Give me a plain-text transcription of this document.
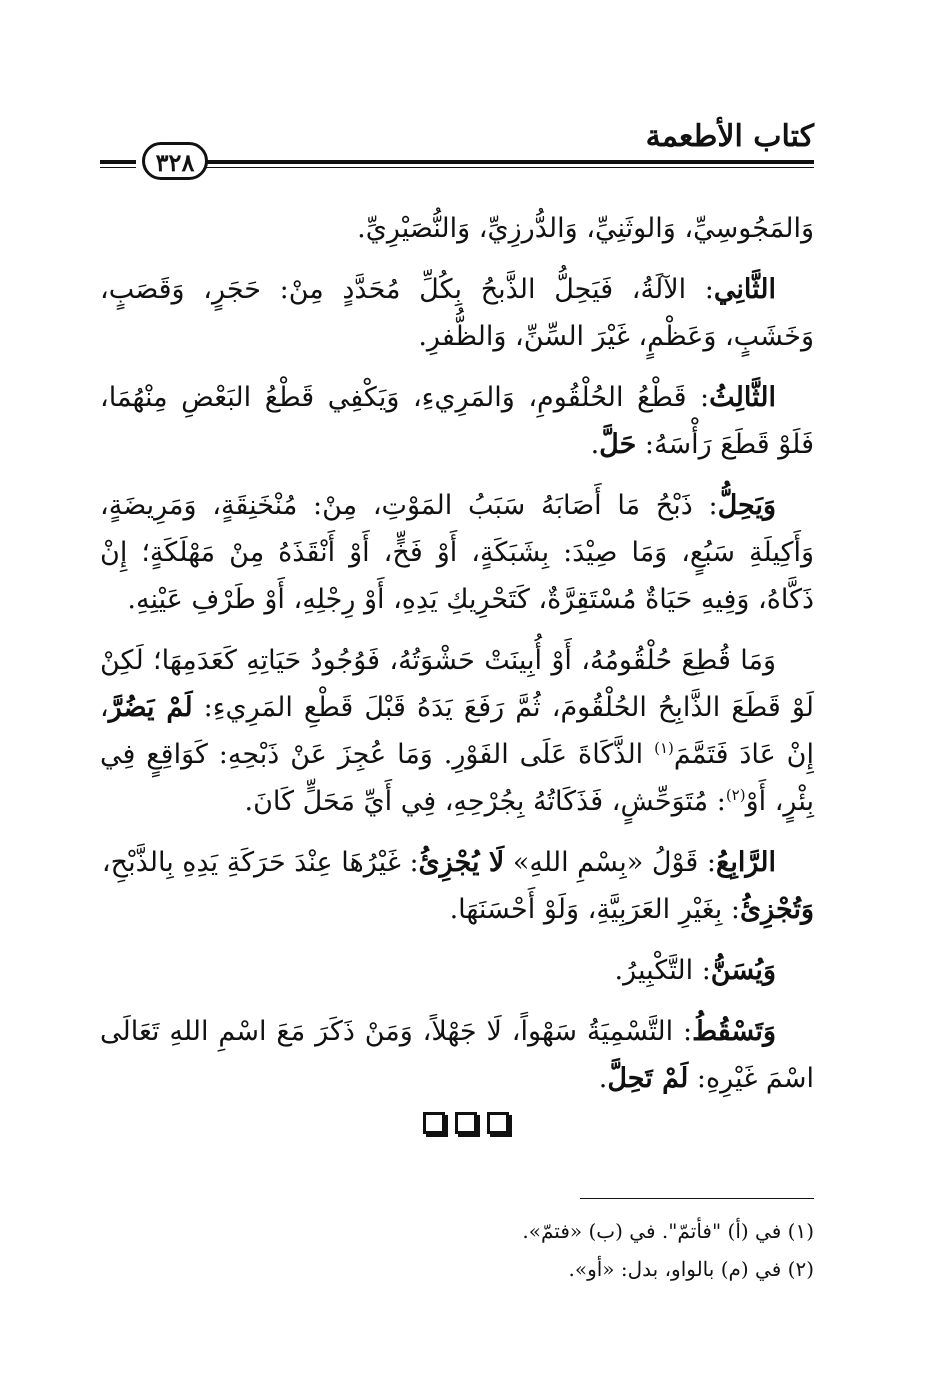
كتاب الأطعمة
٣٢٨

وَالمَجُوسِيِّ، وَالوثَنِيِّ، وَالدُّرزِيِّ، وَالنُّصَيْرِيِّ.

الثَّانِي: الآلَةُ، فَيَحِلُّ الذَّبحُ بِكُلِّ مُحَدَّدٍ مِنْ: حَجَرٍ، وَقَصَبٍ، وَخَشَبٍ، وَعَظْمٍ، غَيْرَ السِّنِّ، وَالظُّفرِ.

الثَّالِثُ: قَطْعُ الحُلْقُومِ، وَالمَرِيءِ، وَيَكْفِي قَطْعُ البَعْضِ مِنْهُمَا، فَلَوْ قَطَعَ رَأْسَهُ: حَلَّ.

وَيَحِلُّ: ذَبْحُ مَا أَصَابَهُ سَبَبُ المَوْتِ، مِنْ: مُنْخَنِقَةٍ، وَمَرِيضَةٍ، وَأَكِيلَةِ سَبُعٍ، وَمَا صِيْدَ: بِشَبَكَةٍ، أَوْ فَخٍّ، أَوْ أَنْقَذَهُ مِنْ مَهْلَكَةٍ؛ إِنْ ذَكَّاهُ، وَفِيهِ حَيَاةٌ مُسْتَقِرَّةٌ، كَتَحْرِيكِ يَدِهِ، أَوْ رِجْلِهِ، أَوْ طَرْفِ عَيْنِهِ.

وَمَا قُطِعَ حُلْقُومُهُ، أَوْ أُبِينَتْ حَشْوَتُهُ، فَوُجُودُ حَيَاتِهِ كَعَدَمِهَا؛ لَكِنْ لَوْ قَطَعَ الذَّابِحُ الحُلْقُومَ، ثُمَّ رَفَعَ يَدَهُ قَبْلَ قَطْعِ المَرِيءِ: لَمْ يَضُرَّ، إِنْ عَادَ فَتَمَّمَ$^{(١)}$ الذَّكَاةَ عَلَى الفَوْرِ. وَمَا عُجِزَ عَنْ ذَبْحِهِ: كَوَاقِعٍ فِي بِئْرٍ، أَوْ$^{(٢)}$: مُتَوَحِّشٍ، فَذَكَاتُهُ بِجُرْحِهِ، فِي أَيِّ مَحَلٍّ كَانَ.

الرَّابِعُ: قَوْلُ «بِسْمِ اللهِ» لَا يُجْزِئُ: غَيْرُهَا عِنْدَ حَرَكَةِ يَدِهِ بِالذَّبْحِ،
وَتُجْزِئُ: بِغَيْرِ العَرَبِيَّةِ، وَلَوْ أَحْسَنَهَا.

وَيُسَنُّ: التَّكْبِيرُ.

وَتَسْقُطُ: التَّسْمِيَةُ سَهْواً، لَا جَهْلاً، وَمَنْ ذَكَرَ مَعَ اسْمِ اللهِ تَعَالَى اسْمَ غَيْرِهِ: لَمْ تَحِلَّ.

(١) في (أ) "فأتمّ". في (ب) «فتمّ».
(٢) في (م) بالواو، بدل: «أو».
